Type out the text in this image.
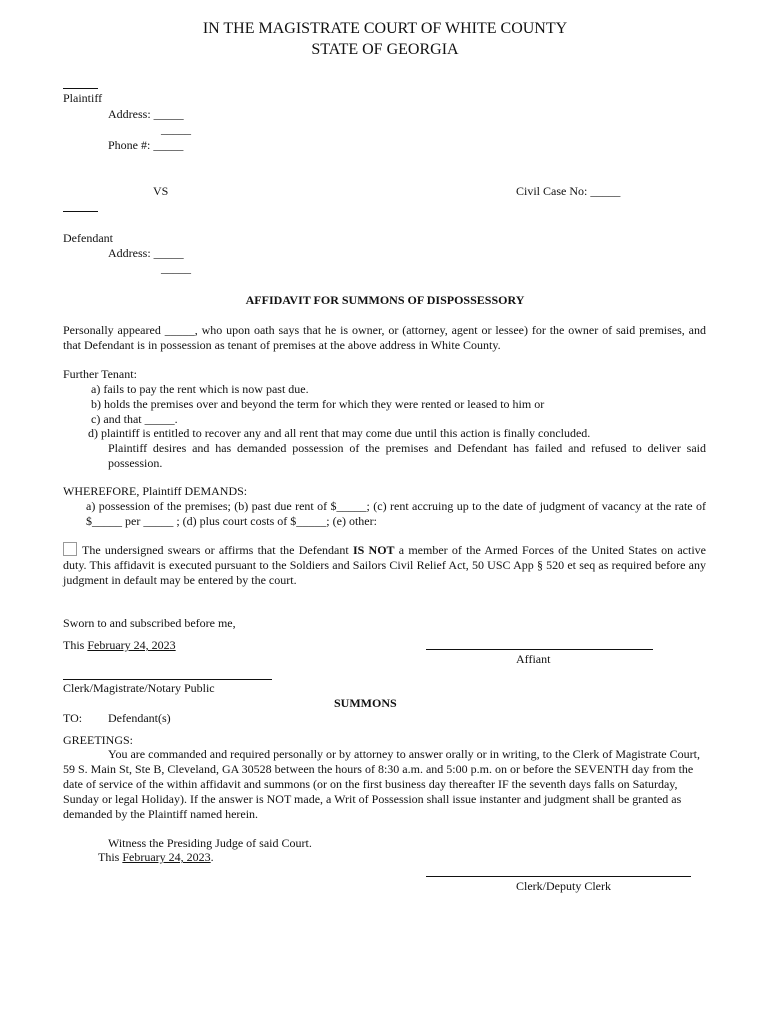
IN THE MAGISTRATE COURT OF WHITE COUNTY
STATE OF GEORGIA
Plaintiff
Address: _____
_____
Phone #: _____
VS	Civil Case No: _____
Defendant
Address: _____
_____
AFFIDAVIT FOR SUMMONS OF DISPOSSESSORY
Personally appeared _____, who upon oath says that he is owner, or (attorney, agent or lessee) for the owner of said premises, and that Defendant is in possession as tenant of premises at the above address in White County.
Further Tenant:
a) fails to pay the rent which is now past due.
b) holds the premises over and beyond the term for which they were rented or leased to him or
c) and that _____.
d) plaintiff is entitled to recover any and all rent that may come due until this action is finally concluded.
Plaintiff desires and has demanded possession of the premises and Defendant has failed and refused to deliver said possession.
WHEREFORE, Plaintiff DEMANDS:
a) possession of the premises; (b) past due rent of $_____; (c) rent accruing up to the date of judgment of vacancy at the rate of $_____ per _____ ; (d) plus court costs of $_____; (e) other:
The undersigned swears or affirms that the Defendant IS NOT a member of the Armed Forces of the United States on active duty. This affidavit is executed pursuant to the Soldiers and Sailors Civil Relief Act, 50 USC App § 520 et seq as required before any judgment in default may be entered by the court.
Sworn to and subscribed before me,
This February 24, 2023
Affiant
Clerk/Magistrate/Notary Public
SUMMONS
TO: Defendant(s)
GREETINGS:
You are commanded and required personally or by attorney to answer orally or in writing, to the Clerk of Magistrate Court, 59 S. Main St, Ste B, Cleveland, GA 30528 between the hours of 8:30 a.m. and 5:00 p.m. on or before the SEVENTH day from the date of service of the within affidavit and summons (or on the first business day thereafter IF the seventh days falls on Saturday, Sunday or legal Holiday). If the answer is NOT made, a Writ of Possession shall issue instanter and judgment shall be granted as demanded by the Plaintiff named herein.
Witness the Presiding Judge of said Court.
This February 24, 2023.
Clerk/Deputy Clerk
